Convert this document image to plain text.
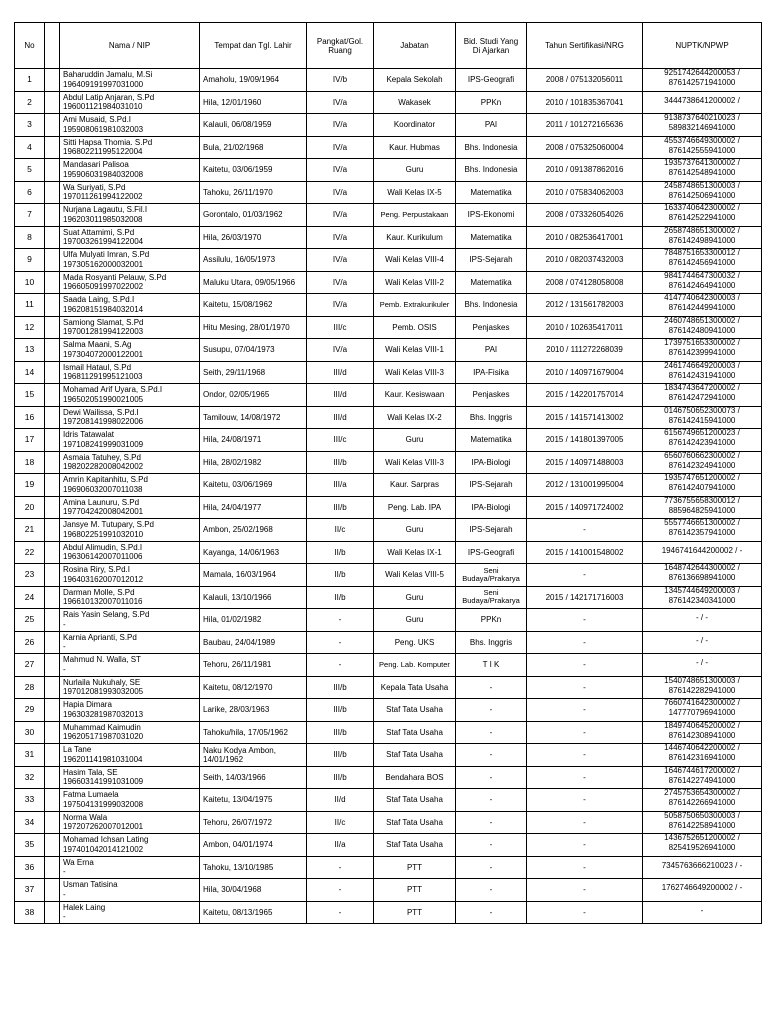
No		Nama / NIP	Tempat dan Tgl. Lahir	Pangkat/Gol.
Ruang	Jabatan	Bid. Studi Yang
Di Ajarkan	Tahun Sertifikasi/NRG	NUPTK/NPWP
1		Baharuddin Jamalu, M.Si
196409191997031000	Amaholu, 19/09/1964	IV/b	Kepala Sekolah	IPS-Geografi	2008 / 075132056011	9251742644200053 /
876142571941000

2		Abdul Latip Anjaran, S.Pd
196001121984031010	Hila, 12/01/1960	IV/a	Wakasek	PPKn	2010 / 101835367041	3444738641200002 /

3		Ami Musaid, S.Pd.I
195908061981032003	Kalauli, 06/08/1959	IV/a	Koordinator	PAI	2011 / 101272165636	9138737640210023 /
589832146941000

4		Sitti Hapsa Thomia. S.Pd
196802211995122004	Bula, 21/02/1968	IV/a	Kaur. Hubmas	Bhs. Indonesia	2008 / 075325060004	4553746649300002 /
876142555941000

5		Mandasari Palisoa
195906031984032008	Kaitetu, 03/06/1959	IV/a	Guru	Bhs. Indonesia	2010 / 091387862016	1935737641300002 /
876142548941000

6		Wa Suriyati, S.Pd
197011261994122002	Tahoku, 26/11/1970	IV/a	Wali Kelas IX-5	Matematika	2010 / 075834062003	2458748651300003 /
876142506941000

7		Nurjana Lagautu, S.Fil.I
196203011985032008	Gorontalo, 01/03/1962	IV/a	Peng. Perpustakaan	IPS-Ekonomi	2008 / 073326054026	1633740642300002 /
876142522941000

8		Suat Attamimi, S.Pd
197003261994122004	Hila, 26/03/1970	IV/a	Kaur. Kurikulum	Matematika	2010 / 082536417001	2658748651300002 /
876142498941000

9		Ulfa Mulyati Imran, S.Pd
197305162000032001	Assilulu, 16/05/1973	IV/a	Wali Kelas VIII-4	IPS-Sejarah	2010 / 082037432003	7848751653300012 /
876142456941000

10		Mada Rosyanti Pelauw, S.Pd
196605091997022002	Maluku Utara, 09/05/1966	IV/a	Wali Kelas VIII-2	Matematika	2008 / 074128058008	9841744647300032 /
876142464941000

11		Saada Laing, S.Pd.I
196208151984032014	Kaitetu, 15/08/1962	IV/a	Pemb. Extrakurikuler	Bhs. Indonesia	2012 / 131561782003	4147740642300003 /
876142449941000

12		Samiong Slamat, S.Pd
197001281994122003	Hitu Mesing, 28/01/1970	III/c	Pemb. OSIS	Penjaskes	2010 / 102635417011	2460748651300002 /
876142480941000

13		Salma Maani, S.Ag
197304072000122001	Susupu, 07/04/1973	IV/a	Wali Kelas VIII-1	PAI	2010 / 111272268039	1739751653300002 /
876142399941000

14		Ismail Hataul, S.Pd
196811291995121003	Seith, 29/11/1968	III/d	Wali Kelas VIII-3	IPA-Fisika	2010 / 140971679004	2461746649200003 /
876142431941000

15		Mohamad Arif Uyara, S.Pd.I
196502051990021005	Ondor, 02/05/1965	III/d	Kaur. Kesiswaan	Penjaskes	2015 / 142201757014	1834743647200002 /
876142472941000

16		Dewi Wailissa, S.Pd.I
197208141998022006	Tamilouw, 14/08/1972	III/d	Wali Kelas IX-2	Bhs. Inggris	2015 / 141571413002	0146750652300073 /
876142415941000

17		Idris Tatawalat
197108241999031009	Hila, 24/08/1971	III/c	Guru	Matematika	2015 / 141801397005	6156749651200023 /
876142423941000

18		Asmaia Tatuhey, S.Pd
198202282008042002	Hila, 28/02/1982	III/b	Wali Kelas VIII-3	IPA-Biologi	2015 / 140971488003	6560760662300002 /
876142324941000

19		Amrin Kapitanhitu, S.Pd
196906032007011038	Kaitetu, 03/06/1969	III/a	Kaur. Sarpras	IPS-Sejarah	2012 / 131001995004	1935747651200002 /
876142407941000

20		Amina Launuru, S.Pd
197704242008042001	Hila, 24/04/1977	III/b	Peng. Lab. IPA	IPA-Biologi	2015 / 140971724002	7736755658300012 /
885964825941000

21		Jansye M. Tutupary, S.Pd
196802251991032010	Ambon, 25/02/1968	II/c	Guru	IPS-Sejarah	-	5557746651300002 /
876142357941000

22		Abdul Alimudin, S.Pd.I
196306142007011006	Kayanga, 14/06/1963	II/b	Wali Kelas IX-1	IPS-Geografi	2015 / 141001548002	1946741644200002 / -

23		Rosina Riry, S.Pd.I
196403162007012012	Mamala, 16/03/1964	II/b	Wali Kelas VIII-5	Seni Budaya/Prakarya	-	1648742644300002 /
876136698941000

24		Darman Molle, S.Pd
196610132007011016	Kalauli, 13/10/1966	II/b	Guru	Seni Budaya/Prakarya	2015 / 142171716003	1345744649200003 /
876142340341000

25		Rais Yasin Selang, S.Pd
-	Hila, 01/02/1982	-	Guru	PPKn	-	- / -

26		Karnia Aprianti, S.Pd
-	Baubau, 24/04/1989	-	Peng. UKS	Bhs. Inggris	-	- / -

27		Mahmud N. Walla, ST
-	Tehoru, 26/11/1981	-	Peng. Lab. Komputer	T I K	-	- / -

28		Nurlaila Nukuhaly, SE
197012081993032005	Kaitetu, 08/12/1970	III/b	Kepala Tata Usaha	-	-	1540748651300003 /
876142282941000

29		Hapia Dimara
196303281987032013	Larike, 28/03/1963	III/b	Staf Tata Usaha	-	-	7660741642300002 /
147770796941000

30		Muhammad Kaimudin
196205171987031020	Tahoku/hila, 17/05/1962	III/b	Staf Tata Usaha	-	-	1849740645200002 /
876142308941000

31		La Tane
196201141981031004	Naku Kodya Ambon, 14/01/1962	III/b	Staf Tata Usaha	-	-	1446740642200002 /
876142316941000

32		Hasim Tala, SE
196603141991031009	Seith, 14/03/1966	III/b	Bendahara BOS	-	-	1646744617200002 /
876142274941000

33		Fatma Lumaela
197504131999032008	Kaitetu, 13/04/1975	II/d	Staf Tata Usaha	-	-	2745753654300002 /
876142266941000

34		Norma Wala
197207262007012001	Tehoru, 26/07/1972	II/c	Staf Tata Usaha	-	-	5058750650300003 /
876142258941000

35		Mohamad Ichsan Lating
197401042014121002	Ambon, 04/01/1974	II/a	Staf Tata Usaha	-	-	1436752651200002 /
825419526941000

36		Wa Erna
-	Tahoku, 13/10/1985	-	PTT	-	-	7345763666210023 / -

37		Usman Tatisina
-	Hila, 30/04/1968	-	PTT	-	-	1762746649200002 / -

38		Halek Laing
-	Kaitetu, 08/13/1965	-	PTT	-	-	-
